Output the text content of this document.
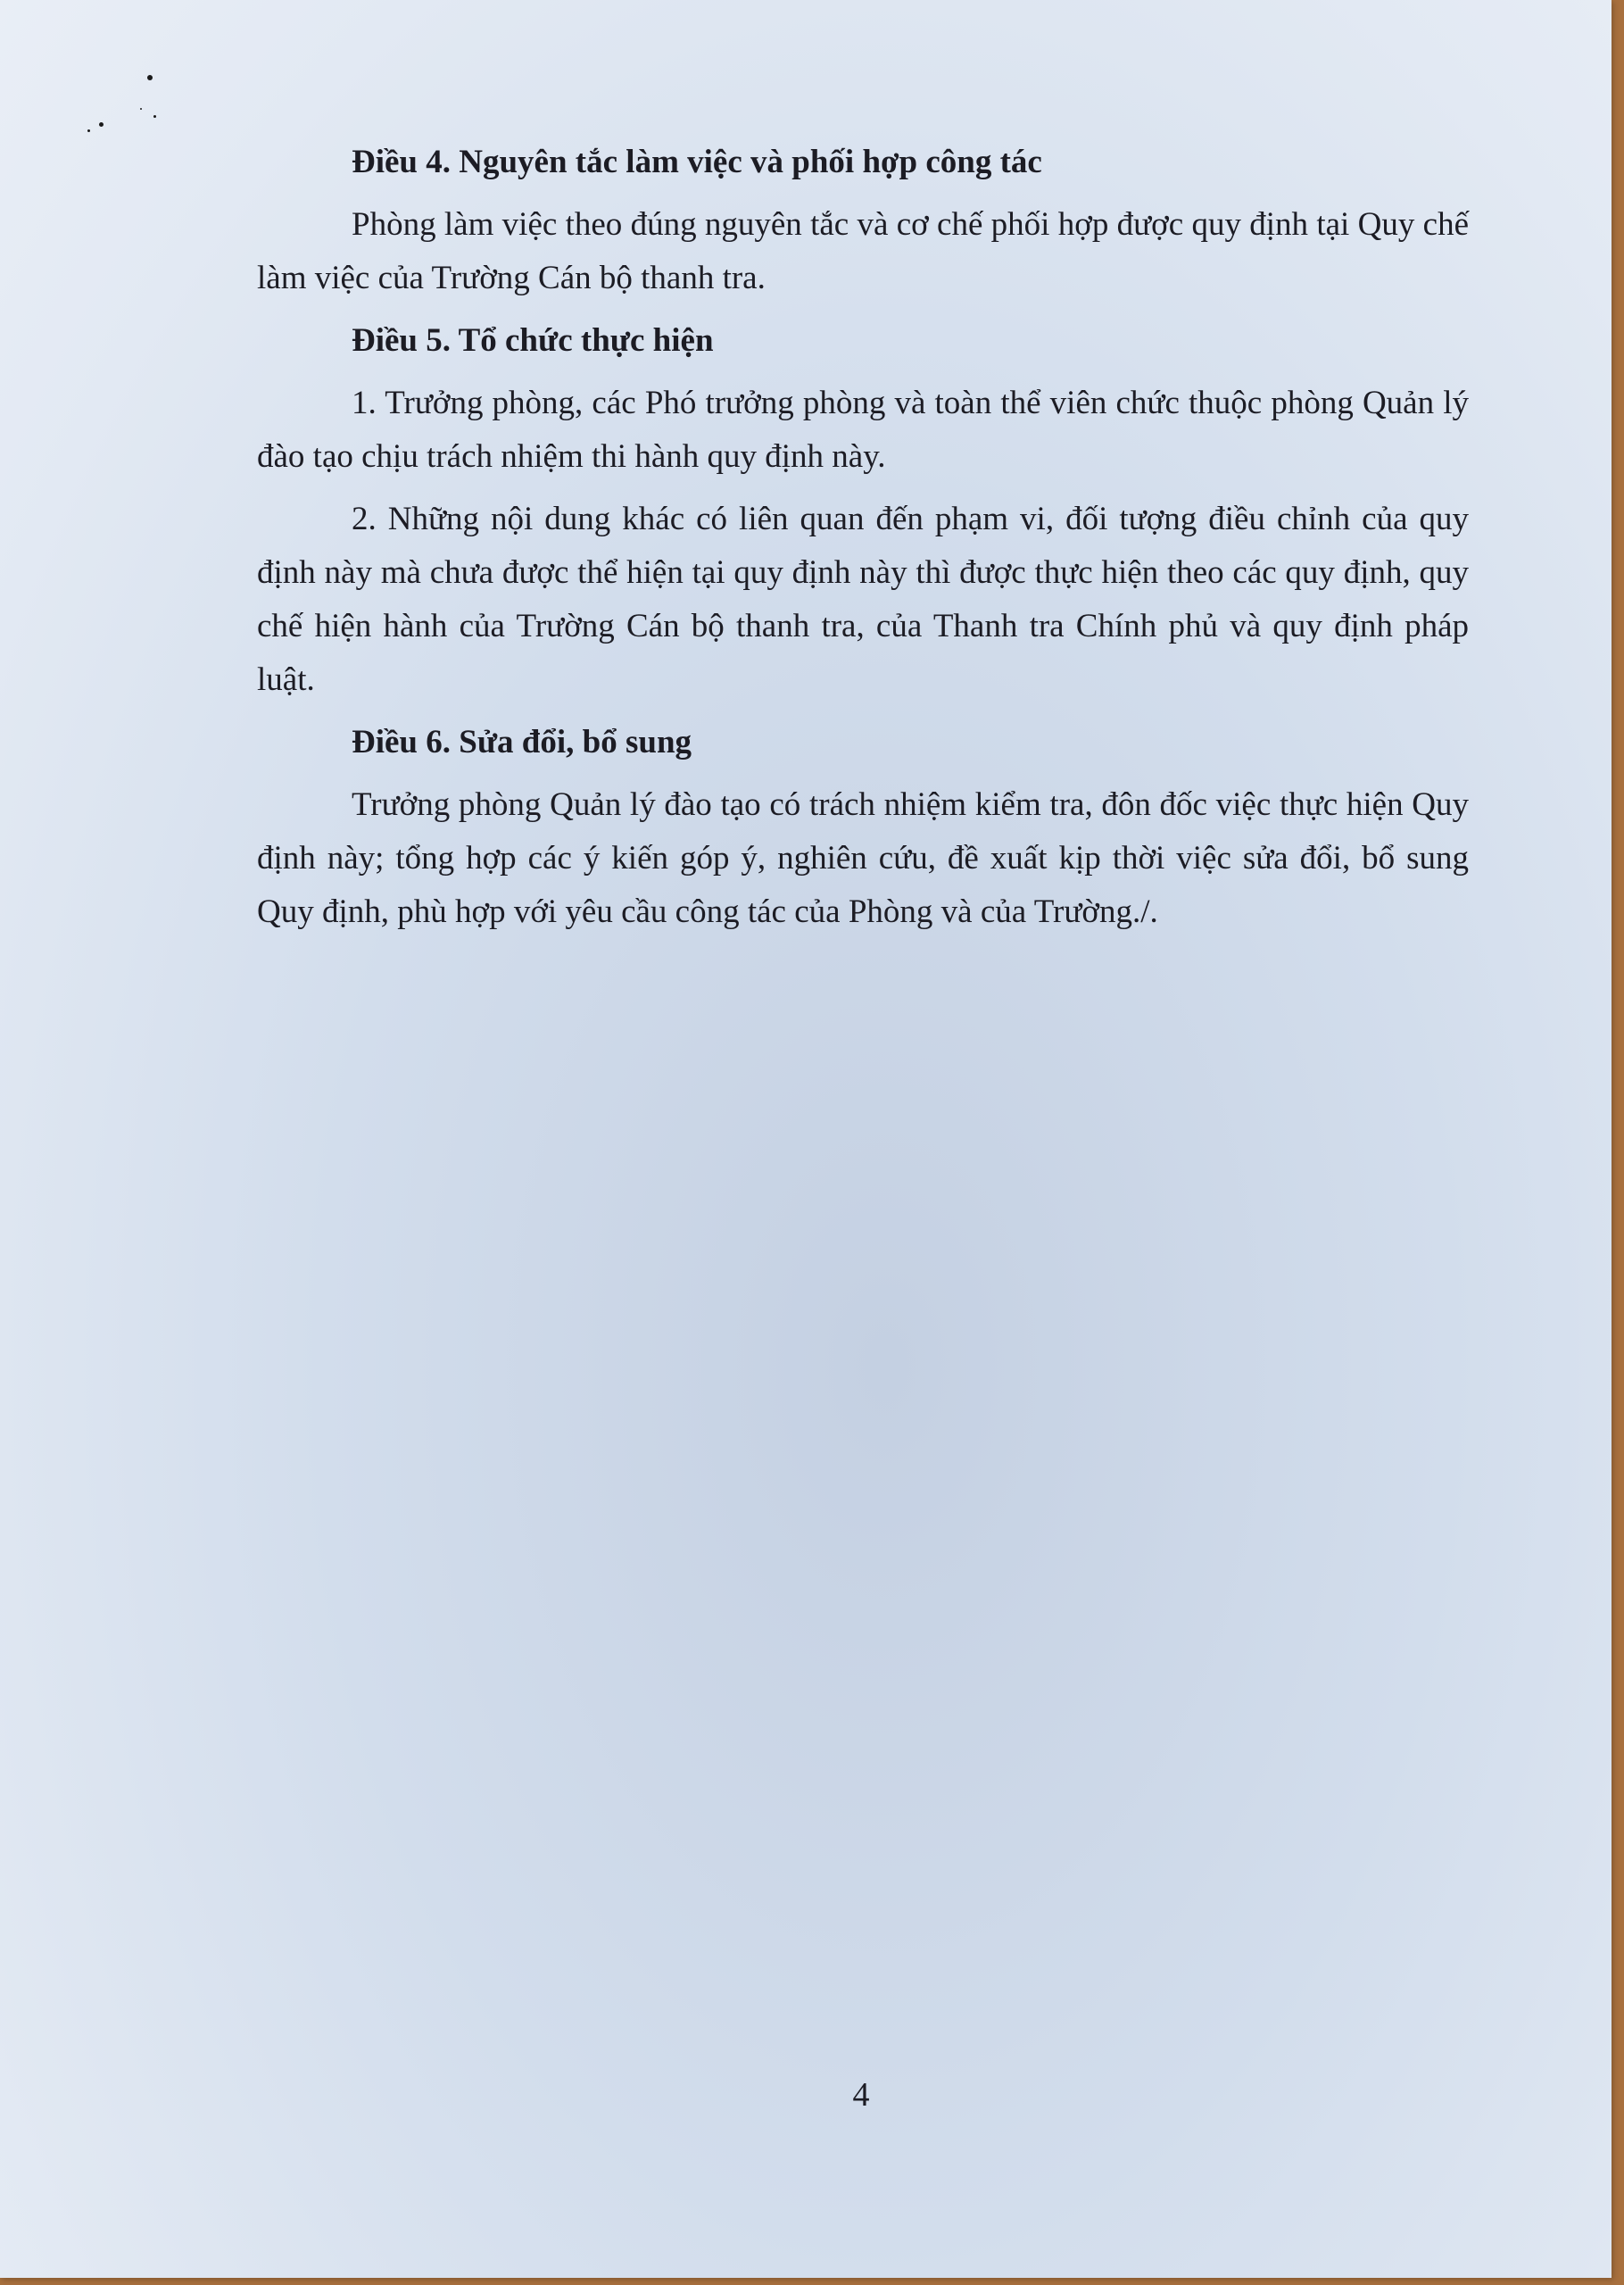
Điều 4. Nguyên tắc làm việc và phối hợp công tác

Phòng làm việc theo đúng nguyên tắc và cơ chế phối hợp được quy định tại Quy chế làm việc của Trường Cán bộ thanh tra.

Điều 5. Tổ chức thực hiện

1. Trưởng phòng, các Phó trưởng phòng và toàn thể viên chức thuộc phòng Quản lý đào tạo chịu trách nhiệm thi hành quy định này.

2. Những nội dung khác có liên quan đến phạm vi, đối tượng điều chỉnh của quy định này mà chưa được thể hiện tại quy định này thì được thực hiện theo các quy định, quy chế hiện hành của Trường Cán bộ thanh tra, của Thanh tra Chính phủ và quy định pháp luật.

Điều 6. Sửa đổi, bổ sung

Trưởng phòng Quản lý đào tạo có trách nhiệm kiểm tra, đôn đốc việc thực hiện Quy định này; tổng hợp các ý kiến góp ý, nghiên cứu, đề xuất kịp thời việc sửa đổi, bổ sung Quy định, phù hợp với yêu cầu công tác của Phòng và của Trường./.

4
